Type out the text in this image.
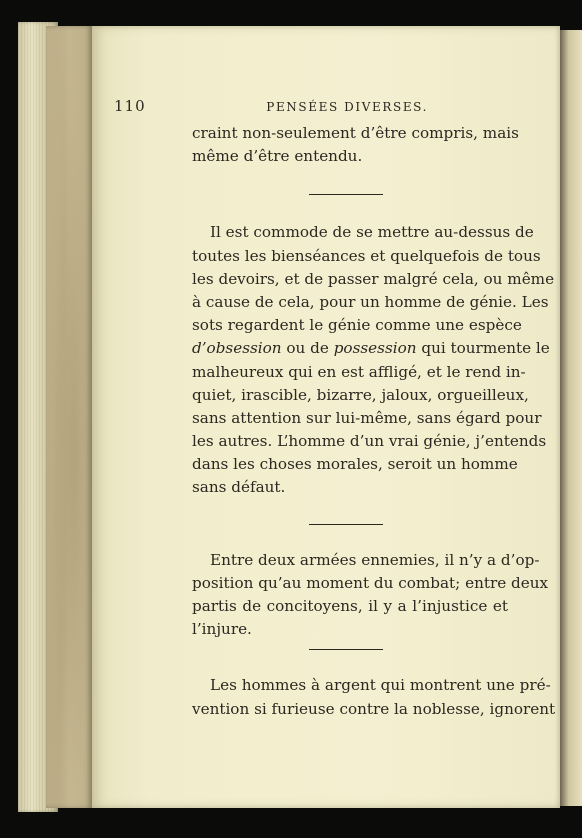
110	PENSÉES DIVERSES.

craint non-seulement d’être compris, mais
même d’être entendu.

Il est commode de se mettre au-dessus de
toutes les bienséances et quelquefois de tous
les devoirs, et de passer malgré cela, ou même
à cause de cela, pour un homme de génie. Les
sots regardent le génie comme une espèce
d’obsession ou de possession qui tourmente le
malheureux qui en est affligé, et le rend in-
quiet, irascible, bizarre, jaloux, orgueilleux,
sans attention sur lui-même, sans égard pour
les autres. L’homme d’un vrai génie, j’entends
dans les choses morales, seroit un homme
sans défaut.

Entre deux armées ennemies, il n’y a d’op-
position qu’au moment du combat; entre deux
partis de concitoyens, il y a l’injustice et
l’injure.

Les hommes à argent qui montrent une pré-
vention si furieuse contre la noblesse, ignorent
